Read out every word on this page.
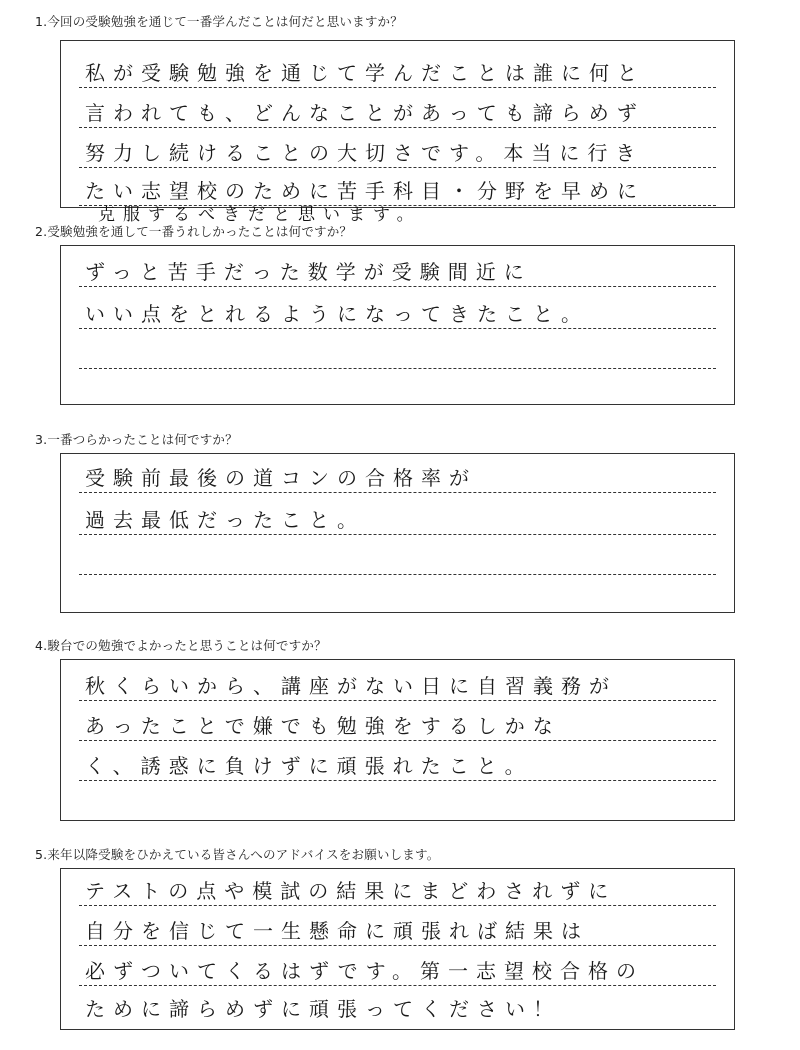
1.今回の受験勉強を通じて一番学んだことは何だと思いますか？
私が受験勉強を通じて学んだことは誰に何と
言われても、どんなことがあっても諦らめず
努力し続けることの大切さです。本当に行き
たい志望校のために苦手科目・分野を早めに
克服するべきだと思います。
2.受験勉強を通して一番うれしかったことは何ですか？
ずっと苦手だった数学が受験間近に
いい点をとれるようになってきたこと。
3.一番つらかったことは何ですか？
受験前最後の道コンの合格率が
過去最低だったこと。
4.駿台での勉強でよかったと思うことは何ですか？
秋くらいから、講座がない日に自習義務が
あったことで嫌でも勉強をするしかな
く、誘惑に負けずに頑張れたこと。
5.来年以降受験をひかえている皆さんへのアドバイスをお願いします。
テストの点や模試の結果にまどわされずに
自分を信じて一生懸命に頑張れば結果は
必ずついてくるはずです。第一志望校合格の
ために諦らめずに頑張ってください！
